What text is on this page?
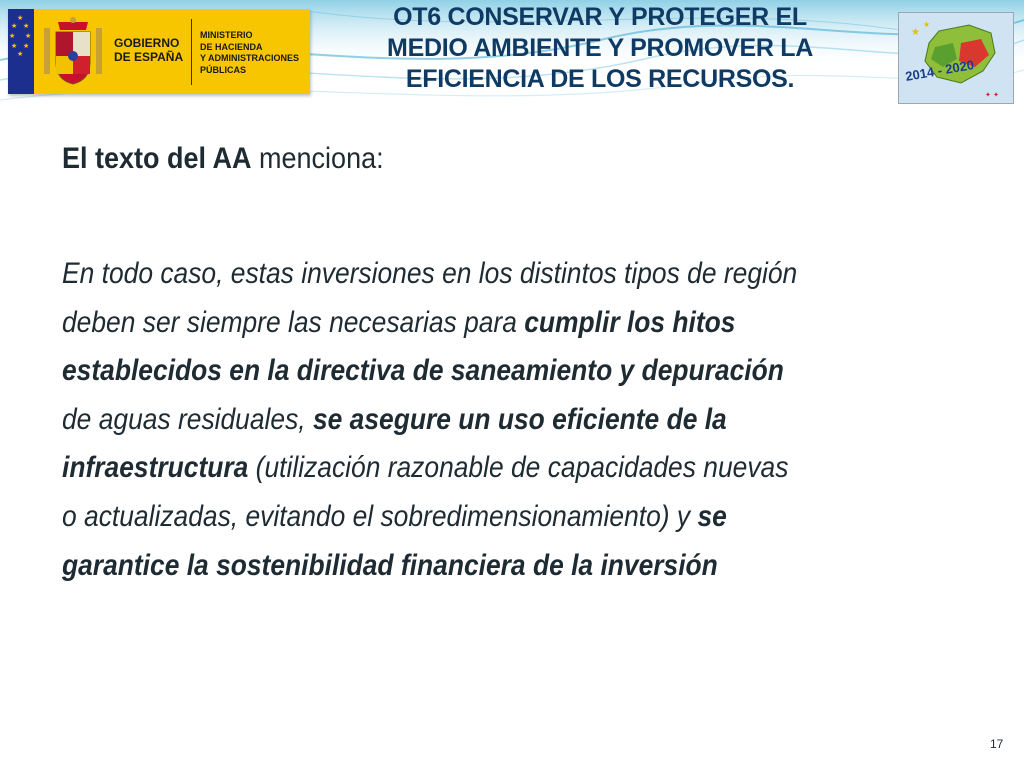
★
★
★
★
★
★
★
★
GOBIERNO
DE ESPAÑA
MINISTERIO
DE HACIENDA
Y ADMINISTRACIONES
PÚBLICAS
OT6 CONSERVAR Y PROTEGER EL
MEDIO AMBIENTE Y PROMOVER LA
EFICIENCIA DE LOS RECURSOS.
★
★
✦ ✦
2014 - 2020
El texto del AA menciona:
En todo caso, estas inversiones en los distintos tipos de región
deben ser siempre las necesarias para cumplir los hitos
establecidos en la directiva de saneamiento y depuración
de aguas residuales, se asegure un uso eficiente de la
infraestructura (utilización razonable de capacidades nuevas
o actualizadas, evitando el sobredimensionamiento) y se
garantice la sostenibilidad financiera de la inversión
17
